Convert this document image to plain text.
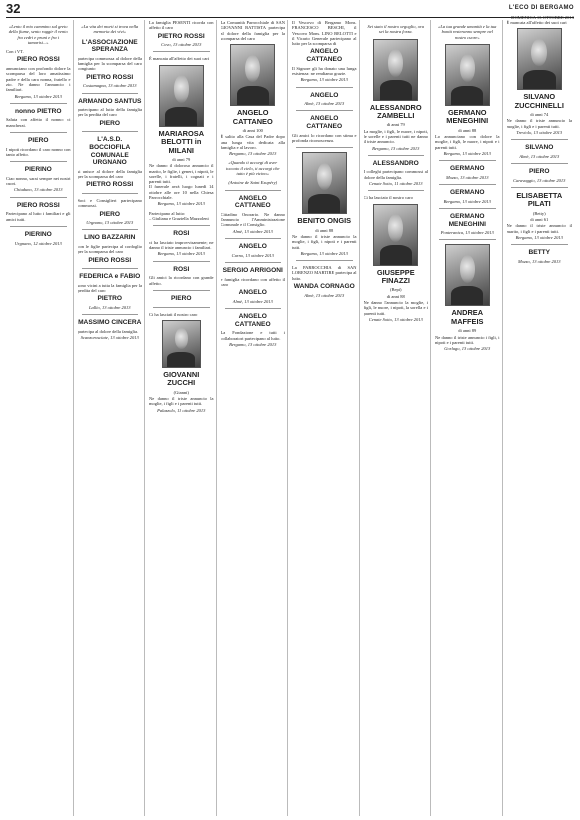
32	L'ECO DI BERGAMO
DOMENICA 13 OTTOBRE 2013
«Lento il mio cammino sul greto della fiume, sento ruggir il vento fra cedri e pruni e fra i tamarisi...»
Con i VT.
PIERO ROSSI
annunciano con profondo dolore la scomparsa del loro amatissimo padre e della cara nonna, fratello e zio. Ne danno l'annuncio i familiari.
Bergamo, 13 ottobre 2013
nonno PIETRO
Saluta con affetto il nonno: ci mancherai.
PIERO
I nipoti ricordano il caro nonno con tanto affetto.
PIERINO
Ciao nonno, sarai sempre nei nostri cuori.
Chiuduno, 13 ottobre 2013
PIERO ROSSI
Partecipano al lutto i familiari e gli amici tutti.
PIERINO
Urgnano, 12 ottobre 2013
«La vita dei morti si trova nella memoria dei vivi»
L'ASSOCIAZIONE SPERANZA
partecipa commossa al dolore della famiglia per la scomparsa del caro congiunto
PIETRO ROSSI
Costamagna, 13 ottobre 2013
ARMANDO SANTUS
partecipano al lutto della famiglia per la perdita del caro
PIERO
L'A.S.D. BOCCIOFILA COMUNALE URGNANO
si unisce al dolore della famiglia per la scomparsa del caro
PIETRO ROSSI
Soci e Consiglieri partecipano commossi.
PIERO
Urgnano, 13 ottobre 2013
LINO BAZZARIN
con le figlie partecipa al cordoglio per la scomparsa del caro
PIERO ROSSI
FEDERICA e FABIO
sono vicini a tutta la famiglia per la perdita del caro
PIETRO
Lallio, 13 ottobre 2013
MASSIMO CINCERA
partecipa al dolore della famiglia.
Scanzorosciate, 13 ottobre 2013
La famiglia PESENTI ricorda con affetto il caro
PIETRO ROSSI
Covo, 13 ottobre 2013
È mancata all'affetto dei suoi cari
MARIAROSA BELOTTI in MILANI
di anni 79
Ne danno il doloroso annuncio il marito, le figlie, i generi, i nipoti, le sorelle, i fratelli, i cognati e i parenti tutti.
Il funerale avrà luogo lunedì 14 ottobre alle ore 10 nella Chiesa Parrocchiale.
Bergamo, 13 ottobre 2013
Partecipano al lutto:
– Giuliana e Graziella Mazzoleni
ROSI
ci ha lasciato improvvisamente; ne danno il triste annuncio i familiari.
Bergamo, 13 ottobre 2013
ROSI
Gli amici la ricordano con grande affetto.
PIERO
Ci ha lasciati il nostro caro
GIOVANNI ZUCCHI
(Gianni)
Ne danno il triste annuncio la moglie, i figli e i parenti tutti.
Palazzolo, 11 ottobre 2013
La Comunità Parrocchiale di SAN GIOVANNI BATTISTA partecipa al dolore della famiglia per la scomparsa del caro
ANGELO CATTANEO
di anni 100
È salito alla Casa del Padre dopo una lunga vita dedicata alla famiglia e al lavoro.
Bergamo, 13 ottobre 2013
«Quando ti accorgi di aver toccato il cielo, ti accorgi che tutto è più vicino»
(Antoine de Saint Exupéry)
ANGELO CATTANEO
Cittadino Onorario. Ne danno l'annuncio l'Amministrazione Comunale e il Consiglio.
Almè, 13 ottobre 2013
ANGELO
Curno, 13 ottobre 2013
SERGIO ARRIGONI
e famiglia ricordano con affetto il caro
ANGELO
Almè, 13 ottobre 2013
ANGELO CATTANEO
La Fondazione e tutti i collaboratori partecipano al lutto.
Bergamo, 13 ottobre 2013
Il Vescovo di Bergamo Mons. FRANCESCO BESCHI, il Vescovo Mons. LINO BELOTTI e il Vicario Generale partecipano al lutto per la scomparsa di
ANGELO CATTANEO
Il Signore gli ha donato una lunga esistenza: ne rendiamo grazie.
Bergamo, 13 ottobre 2013
ANGELO
Almè, 13 ottobre 2013
ANGELO CATTANEO
Gli amici lo ricordano con stima e profonda riconoscenza.
BENITO ONGIS
di anni 88
Ne danno il triste annuncio la moglie, i figli, i nipoti e i parenti tutti.
Bergamo, 13 ottobre 2013
La PARROCCHIA di SAN LORENZO MARTIRE partecipa al lutto.
WANDA CORNAGO
Almè, 13 ottobre 2013
Sei stato il nostro orgoglio, ora sei la nostra forza.
ALESSANDRO ZAMBELLI
di anni 79
La moglie, i figli, le nuore, i nipoti, le sorelle e i parenti tutti ne danno il triste annuncio.
Bergamo, 13 ottobre 2013
ALESSANDRO
I colleghi partecipano commossi al dolore della famiglia.
Cenate Sotto, 11 ottobre 2013
Ci ha lasciato il nostro caro
GIUSEPPE FINAZZI
(Bepi)
di anni 88
Ne danno l'annuncio la moglie, i figli, le nuore, i nipoti, la sorella e i parenti tutti.
Cenate Sotto, 13 ottobre 2013
«La tua grande umanità e la tua bontà resteranno sempre nel nostro cuore»
GERMANO MENEGHINI
di anni 88
Lo annunciano con dolore la moglie, i figli, le nuore, i nipoti e i parenti tutti.
Bergamo, 13 ottobre 2013
GERMANO
Mozzo, 13 ottobre 2013
GERMANO
Bergamo, 13 ottobre 2013
GERMANO MENEGHINI
Ponteranica, 13 ottobre 2013
ANDREA MAFFEIS
di anni 89
Ne danno il triste annuncio i figli, i nipoti e i parenti tutti.
Gorlago, 13 ottobre 2013
È mancata all'affetto dei suoi cari
SILVANO ZUCCHINELLI
di anni 74
Ne danno il triste annuncio la moglie, i figli e i parenti tutti.
Treviolo, 13 ottobre 2013
SILVANO
Almè, 13 ottobre 2013
PIERO
Caravaggio, 13 ottobre 2013
ELISABETTA PILATI
(Betty)
di anni 61
Ne danno il triste annuncio il marito, i figli e i parenti tutti.
Bergamo, 13 ottobre 2013
BETTY
Mozzo, 13 ottobre 2013
